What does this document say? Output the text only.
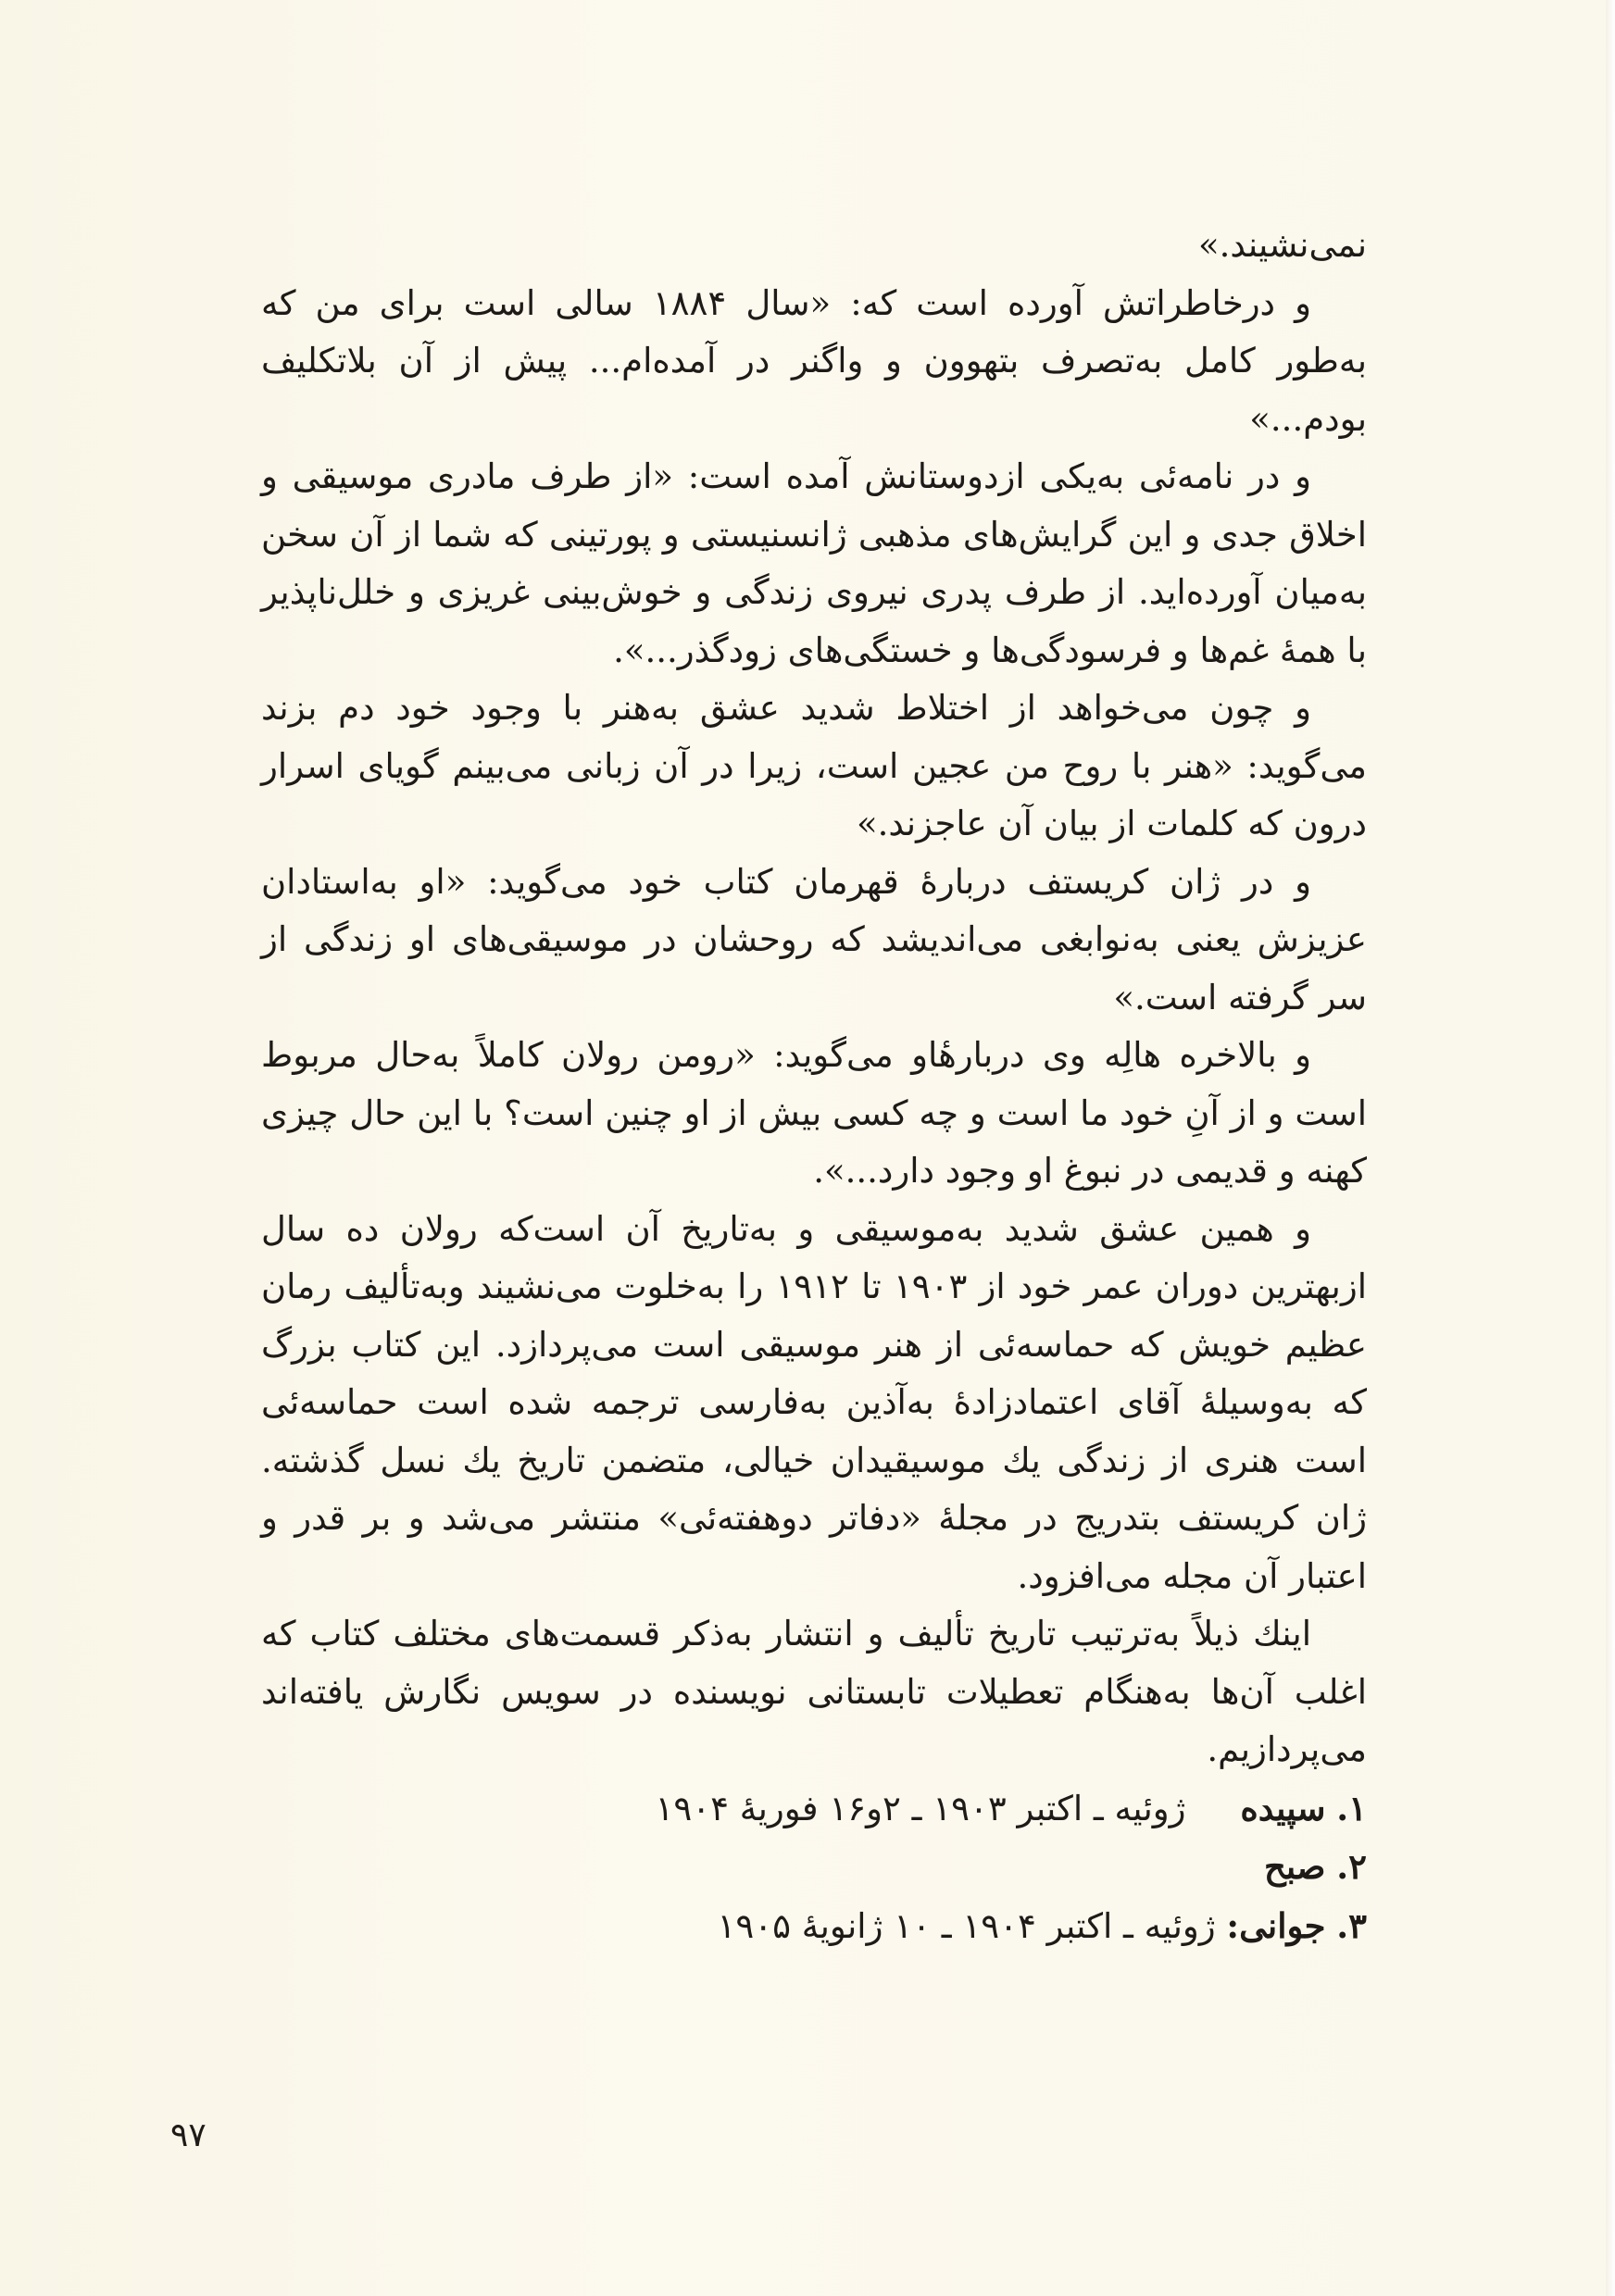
نمی‌نشیند.»

و درخاطراتش آورده است که: «سال ۱۸۸۴ سالی است برای من که به‌طور کامل به‌تصرف بتهوون و واگنر در آمده‌ام... پیش از آن بلاتکلیف بودم...»

و در نامه‌ئی به‌یکی ازدوستانش آمده است: «از طرف مادری موسیقی و اخلاق جدی و این گرایش‌های مذهبی ژانسنیستی و پورتینی که شما از آن سخن به‌میان آورده‌اید. از طرف پدری نیروی زندگی و خوش‌بینی غریزی و خلل‌ناپذیر با همهٔ غم‌ها و فرسودگی‌ها و خستگی‌های زودگذر...».

و چون می‌خواهد از اختلاط شدید عشق به‌هنر با وجود خود دم بزند می‌گوید: «هنر با روح من عجین است، زیرا در آن زبانی می‌بینم گویای اسرار درون که کلمات از بیان آن عاجزند.»

و در ژان کریستف دربارهٔ قهرمان کتاب خود می‌گوید: «او به‌استادان عزیزش یعنی به‌نوابغی می‌اندیشد که روحشان در موسیقی‌های او زندگی از سر گرفته است.»

و بالاخره هالِه وی دربارهٔاو می‌گوید: «رومن رولان کاملاً به‌حال مربوط است و از آنِ خود ما است و چه کسی بیش از او چنین است؟ با این حال چیزی کهنه و قدیمی در نبوغ او وجود دارد...».

و همین عشق شدید به‌موسیقی و به‌تاریخ آن است‌که رولان ده سال ازبهترین دوران عمر خود از ۱۹۰۳ تا ۱۹۱۲ را به‌خلوت می‌نشیند وبه‌تألیف رمان عظیم خویش که حماسه‌ئی از هنر موسیقی است می‌پردازد. این کتاب بزرگ که به‌وسیلهٔ آقای اعتمادزادهٔ به‌آذین به‌فارسی ترجمه شده است حماسه‌ئی است هنری از زندگی یك موسیقیدان خیالی، متضمن تاریخ یك نسل گذشته. ژان کریستف بتدریج در مجلهٔ «دفاتر دوهفته‌ئی» منتشر می‌شد و بر قدر و اعتبار آن مجله می‌افزود.

اینك ذیلاً به‌ترتیب تاریخ تألیف و انتشار به‌ذکر قسمت‌های مختلف کتاب که اغلب آن‌ها به‌هنگام تعطیلات تابستانی نویسنده در سویس نگارش یافته‌اند می‌پردازیم.

۱. سپیده     ژوئیه ـ اکتبر ۱۹۰۳ ـ ۲و۱۶ فوریهٔ ۱۹۰۴
۲. صبح
۳. جوانی: ژوئیه ـ اکتبر ۱۹۰۴ ـ ۱۰ ژانویهٔ ۱۹۰۵
۹۷
